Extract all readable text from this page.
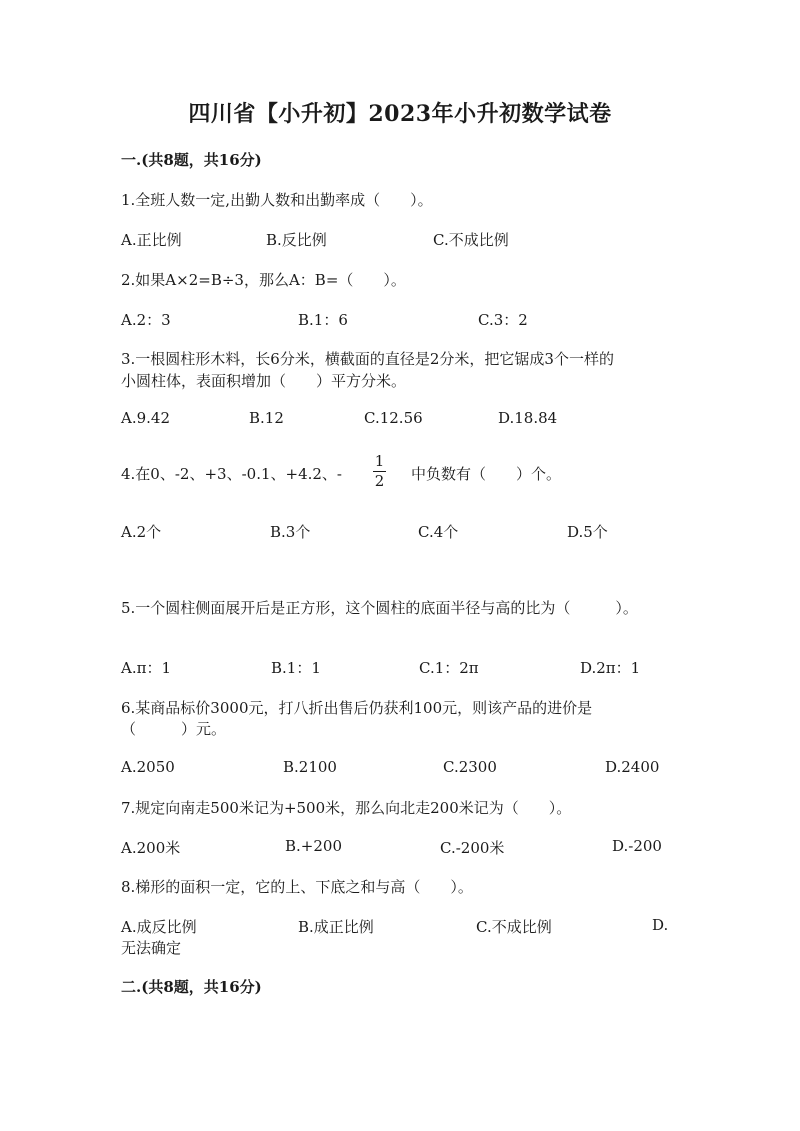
四川省【小升初】2023年小升初数学试卷
一.(共8题，共16分)
1.全班人数一定,出勤人数和出勤率成（　　）。
A.正比例	B.反比例	C.不成比例
2.如果A×2=B÷3，那么A：B=（　　）。
A.2：3	B.1：6	C.3：2
3.一根圆柱形木料，长6分米，横截面的直径是2分米，把它锯成3个一样的
小圆柱体，表面积增加（　　）平方分米。
A.9.42	B.12	C.12.56	D.18.84
4.在0、-2、+3、-0.1、+4.2、-
1
2 中负数有（　　）个。
A.2个	B.3个	C.4个	D.5个
5.一个圆柱侧面展开后是正方形，这个圆柱的底面半径与高的比为（　　　）。
A.π：1	B.1：1	C.1：2π	D.2π：1
6.某商品标价3000元，打八折出售后仍获利100元，则该产品的进价是
（　　　）元。
A.2050	B.2100	C.2300	D.2400
7.规定向南走500米记为+500米，那么向北走200米记为（　　）。
A.200米	B.+200	C.-200米	D.-200
8.梯形的面积一定，它的上、下底之和与高（　　）。
A.成反比例	B.成正比例	C.不成比例	D.
无法确定
二.(共8题，共16分)
